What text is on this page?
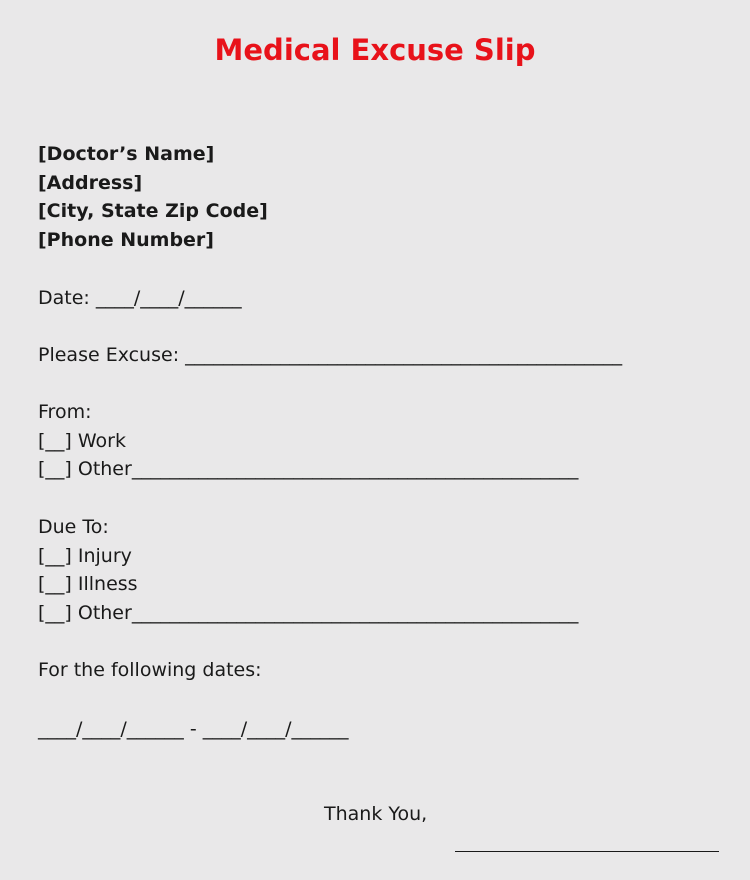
Medical Excuse Slip
[Doctor’s Name]
[Address]
[City, State Zip Code]
[Phone Number]
Date: ____/____/______
Please Excuse: ______________________________________________
From:
[__] Work
[__] Other_______________________________________________
Due To:
[__] Injury
[__] Illness
[__] Other_______________________________________________
For the following dates:
____/____/______ - ____/____/______
Thank You,
